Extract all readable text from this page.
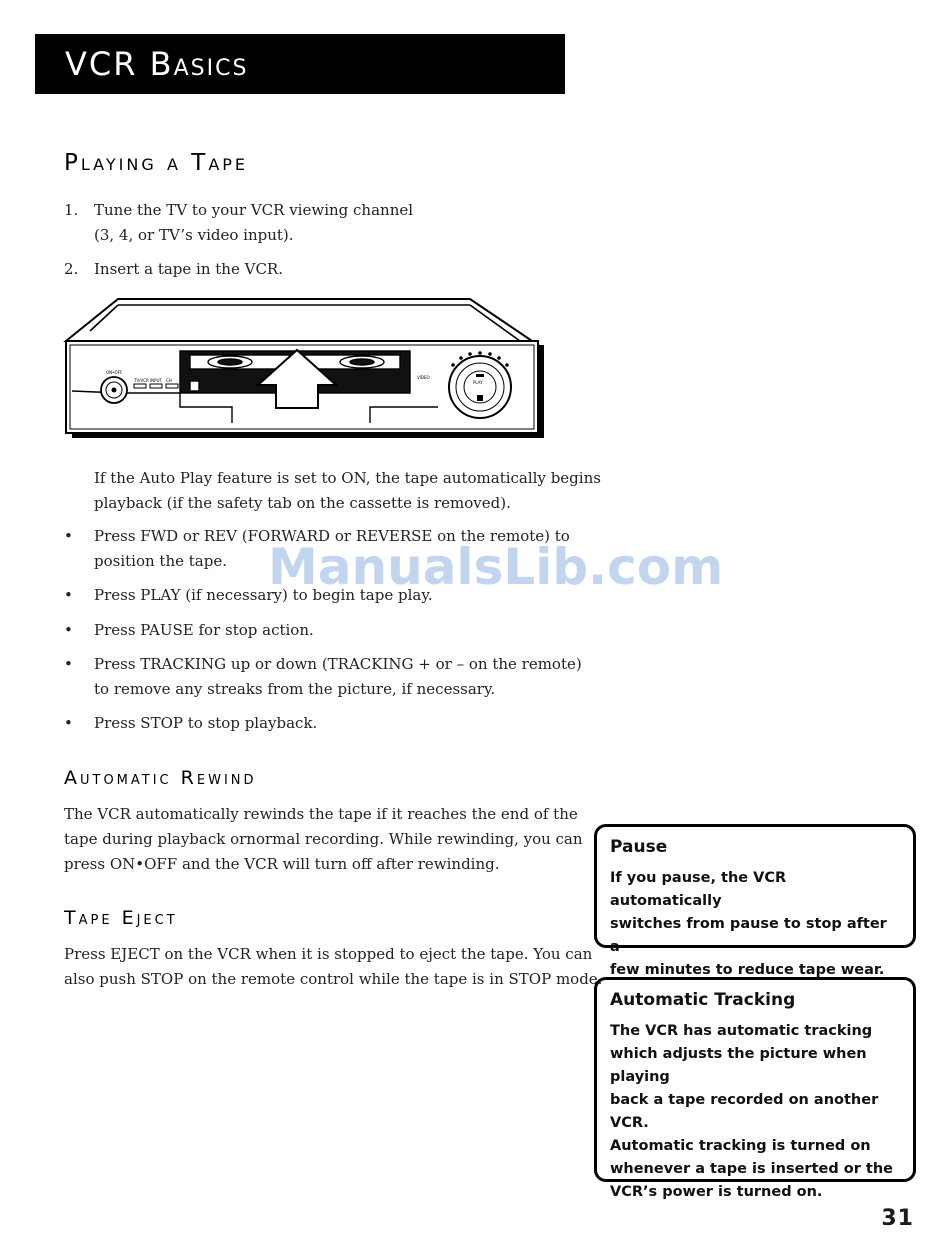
VCR Basics
Playing a Tape
1. Tune the TV to your VCR viewing channel
(3, 4, or TV’s video input).
2. Insert a tape in the VCR.
ON•OFF
TV/VCR INPUT CH
VIDEO
PLAY
If the Auto Play feature is set to ON, the tape automatically begins
playback (if the safety tab on the cassette is removed).
• Press FWD or REV (FORWARD or REVERSE on the remote) to
position the tape.
• Press PLAY (if necessary) to begin tape play.
• Press PAUSE for stop action.
• Press TRACKING up or down (TRACKING + or – on the remote)
to remove any streaks from the picture, if necessary.
• Press STOP to stop playback.
ManualsLib.com
Automatic Rewind
The VCR automatically rewinds the tape if it reaches the end of the
tape during playback ornormal recording. While rewinding, you can
press ON•OFF and the VCR will turn off after rewinding.
Tape Eject
Press EJECT on the VCR when it is stopped to eject the tape. You can
also push STOP on the remote control while the tape is in STOP mode.
Pause
If you pause, the VCR automatically
switches from pause to stop after a
few minutes to reduce tape wear.
Automatic Tracking
The VCR has automatic tracking
which adjusts the picture when playing
back a tape recorded on another VCR.
Automatic tracking is turned on
whenever a tape is inserted or the
VCR’s power is turned on.
31
